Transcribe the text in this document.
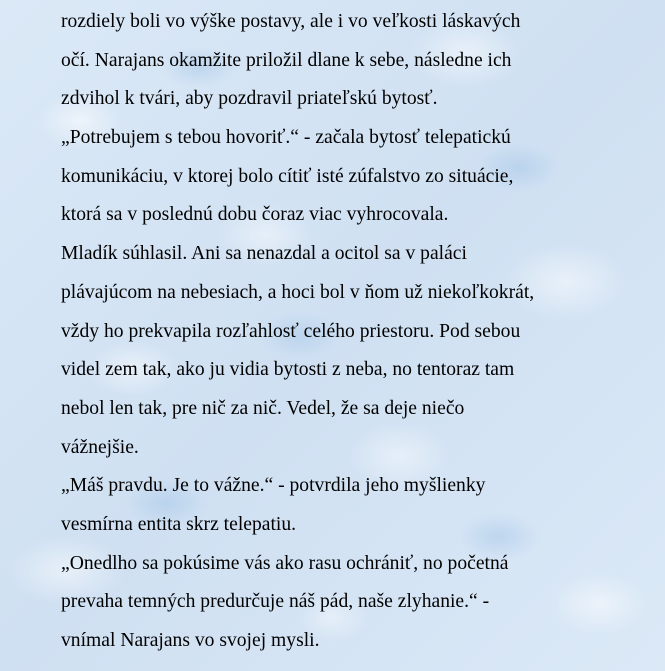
rozdiely boli vo výške postavy, ale i vo veľkosti láskavých
očí. Narajans okamžite priložil dlane k sebe, následne ich
zdvihol k tvári, aby pozdravil priateľskú bytosť.
„Potrebujem s tebou hovoriť.“ - začala bytosť telepatickú
komunikáciu, v ktorej bolo cítiť isté zúfalstvo zo situácie,
ktorá sa v poslednú dobu čoraz viac vyhrocovala.
Mladík súhlasil. Ani sa nenazdal a ocitol sa v paláci
plávajúcom na nebesiach, a hoci bol v ňom už niekoľkokrát,
vždy ho prekvapila rozľahlosť celého priestoru. Pod sebou
videl zem tak, ako ju vidia bytosti z neba, no tentoraz tam
nebol len tak, pre nič za nič. Vedel, že sa deje niečo
vážnejšie.
„Máš pravdu. Je to vážne.“ - potvrdila jeho myšlienky
vesmírna entita skrz telepatiu.
„Onedlho sa pokúsime vás ako rasu ochrániť, no početná
prevaha temných predurčuje náš pád, naše zlyhanie.“ -
vnímal Narajans vo svojej mysli.
